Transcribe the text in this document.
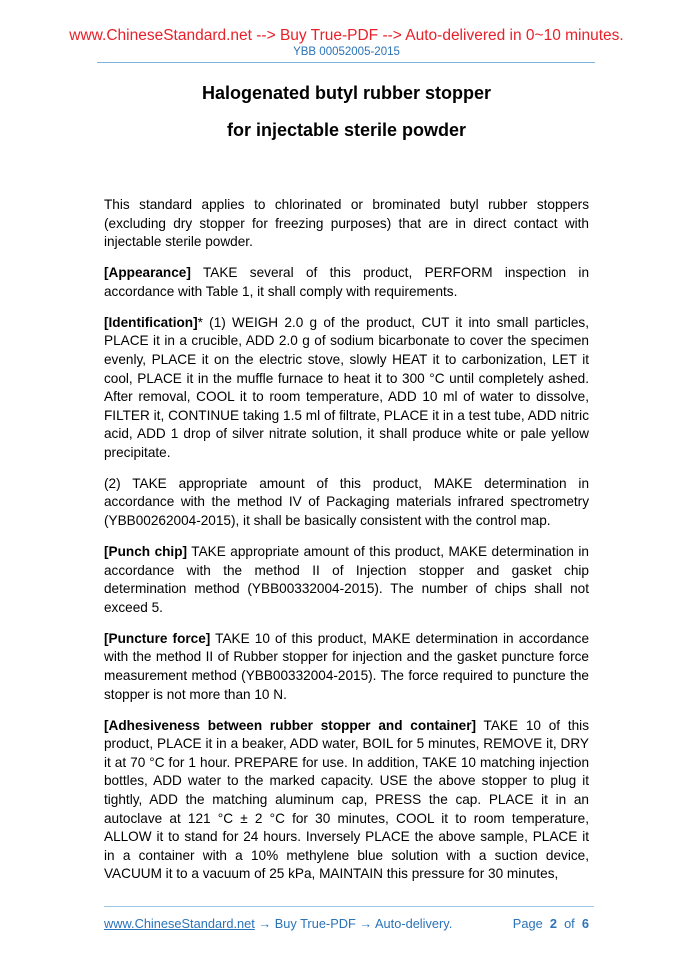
www.ChineseStandard.net --> Buy True-PDF --> Auto-delivered in 0~10 minutes.
YBB 00052005-2015
Halogenated butyl rubber stopper
for injectable sterile powder

This standard applies to chlorinated or brominated butyl rubber stoppers (excluding dry stopper for freezing purposes) that are in direct contact with injectable sterile powder.

[Appearance] TAKE several of this product, PERFORM inspection in accordance with Table 1, it shall comply with requirements.

[Identification]* (1) WEIGH 2.0 g of the product, CUT it into small particles, PLACE it in a crucible, ADD 2.0 g of sodium bicarbonate to cover the specimen evenly, PLACE it on the electric stove, slowly HEAT it to carbonization, LET it cool, PLACE it in the muffle furnace to heat it to 300 °C until completely ashed. After removal, COOL it to room temperature, ADD 10 ml of water to dissolve, FILTER it, CONTINUE taking 1.5 ml of filtrate, PLACE it in a test tube, ADD nitric acid, ADD 1 drop of silver nitrate solution, it shall produce white or pale yellow precipitate.

(2) TAKE appropriate amount of this product, MAKE determination in accordance with the method IV of Packaging materials infrared spectrometry (YBB00262004-2015), it shall be basically consistent with the control map.

[Punch chip] TAKE appropriate amount of this product, MAKE determination in accordance with the method II of Injection stopper and gasket chip determination method (YBB00332004-2015). The number of chips shall not exceed 5.

[Puncture force] TAKE 10 of this product, MAKE determination in accordance with the method II of Rubber stopper for injection and the gasket puncture force measurement method (YBB00332004-2015). The force required to puncture the stopper is not more than 10 N.

[Adhesiveness between rubber stopper and container] TAKE 10 of this product, PLACE it in a beaker, ADD water, BOIL for 5 minutes, REMOVE it, DRY it at 70 °C for 1 hour. PREPARE for use. In addition, TAKE 10 matching injection bottles, ADD water to the marked capacity. USE the above stopper to plug it tightly, ADD the matching aluminum cap, PRESS the cap. PLACE it in an autoclave at 121 °C ± 2 °C for 30 minutes, COOL it to room temperature, ALLOW it to stand for 24 hours. Inversely PLACE the above sample, PLACE it in a container with a 10% methylene blue solution with a suction device, VACUUM it to a vacuum of 25 kPa, MAINTAIN this pressure for 30 minutes,

www.ChineseStandard.net → Buy True-PDF → Auto-delivery.	Page 2 of 6
